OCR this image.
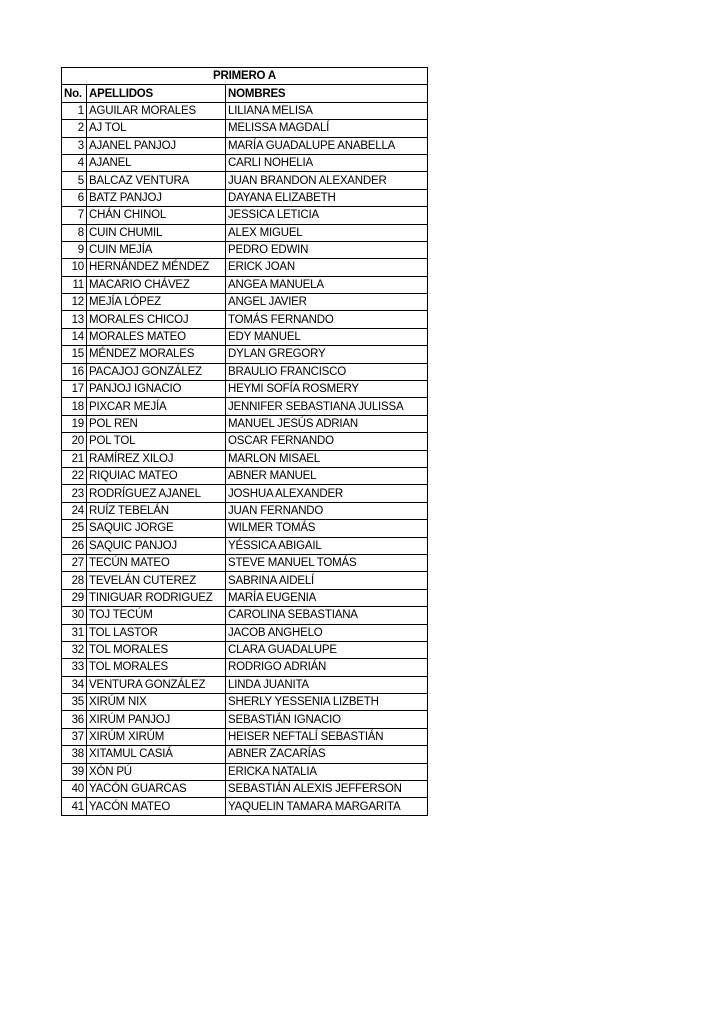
PRIMERO A		
No.	APELLIDOS	NOMBRES
1	AGUILAR MORALES	LILIANA MELISA
2	AJ TOL	MELISSA MAGDALÍ
3	AJANEL PANJOJ	MARÍA GUADALUPE ANABELLA
4	AJANEL	CARLI NOHELIA
5	BALCAZ VENTURA	JUAN BRANDON ALEXANDER
6	BATZ PANJOJ	DAYANA ELIZABETH
7	CHÁN CHINOL	JESSICA LETICIA
8	CUIN CHUMIL	ALEX MIGUEL
9	CUIN MEJÍA	PEDRO EDWIN
10	HERNÁNDEZ MÉNDEZ	ERICK JOAN
11	MACARIO CHÁVEZ	ANGEA MANUELA
12	MEJÍA LÓPEZ	ANGEL JAVIER
13	MORALES CHICOJ	TOMÁS FERNANDO
14	MORALES MATEO	EDY MANUEL
15	MÉNDEZ MORALES	DYLAN GREGORY
16	PACAJOJ GONZÁLEZ	BRAULIO FRANCISCO
17	PANJOJ IGNACIO	HEYMI SOFÍA ROSMERY
18	PIXCAR MEJÍA	JENNIFER SEBASTIANA JULISSA
19	POL REN	MANUEL JESÚS ADRIAN
20	POL TOL	OSCAR FERNANDO
21	RAMÍREZ XILOJ	MARLON MISAEL
22	RIQUIAC MATEO	ABNER MANUEL
23	RODRÍGUEZ AJANEL	JOSHUA ALEXANDER
24	RUÍZ TEBELÁN	JUAN FERNANDO
25	SAQUIC JORGE	WILMER TOMÁS
26	SAQUIC PANJOJ	YÉSSICA ABIGAIL
27	TECÚN MATEO	STEVE MANUEL TOMÁS
28	TEVELÁN CUTEREZ	SABRINA AIDELÍ
29	TINIGUAR RODRIGUEZ	MARÍA EUGENIA
30	TOJ TECÚM	CAROLINA SEBASTIANA
31	TOL LASTOR	JACOB ANGHELO
32	TOL MORALES	CLARA GUADALUPE
33	TOL MORALES	RODRIGO ADRIÁN
34	VENTURA GONZÁLEZ	LINDA JUANITA
35	XIRÚM NIX	SHERLY YESSENIA LIZBETH
36	XIRÚM PANJOJ	SEBASTIÁN IGNACIO
37	XIRÚM XIRÚM	HEISER NEFTALÍ SEBASTIÁN
38	XITAMUL CASIÁ	ABNER ZACARÍAS
39	XÓN PÚ	ERICKA NATALIA
40	YACÓN GUARCAS	SEBASTIÁN ALEXIS JEFFERSON
41	YACÓN MATEO	YAQUELIN TAMARA MARGARITA
